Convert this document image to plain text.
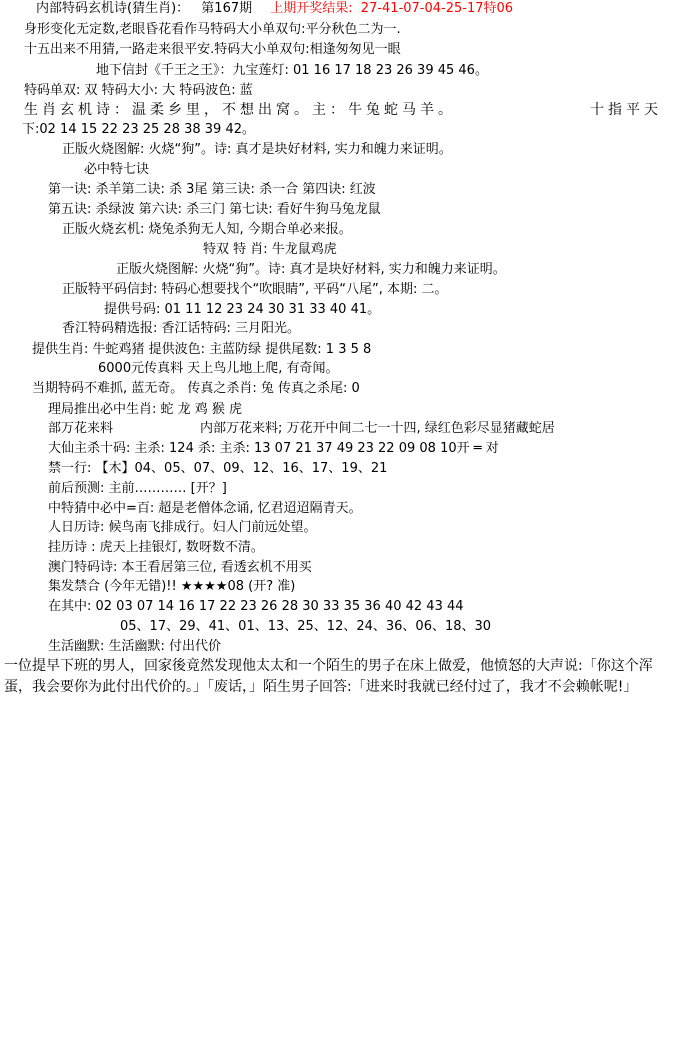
内部特码玄机诗(猜生肖)： 第167期 上期开奖结果: 27-41-07-04-25-17特06
身形变化无定数,老眼昏花看作马特码大小单双句:平分秋色二为一.
十五出来不用猜,一路走来很平安.特码大小单双句:相逢匆匆见一眼
地下信封《千王之王》：九宝莲灯: 01 16 17 18 23 26 39 45 46。
特码单双: 双 特码大小: 大 特码波色: 蓝
生肖玄机诗：温柔乡里，不想出窝。主：牛兔蛇马羊。	十指平天
下:02 14 15 22 23 25 28 38 39 42。
正版火烧图解: 火烧“狗”。诗: 真才是块好材料, 实力和魄力来证明。
必中特七诀
第一诀: 杀羊第二诀: 杀 3尾 第三诀: 杀一合 第四诀: 红波
第五诀: 杀绿波 第六诀: 杀三门 第七诀: 看好牛狗马兔龙鼠
正版火烧玄机: 烧兔杀狗无人知, 今期合单必来报。
特双 特 肖: 牛龙鼠鸡虎
正版火烧图解: 火烧“狗”。诗: 真才是块好材料, 实力和魄力来证明。
正版特平码信封: 特码心想要找个“吹眼睛”, 平码“八尾”, 本期: 二。
提供号码: 01 11 12 23 24 30 31 33 40 41。
香江特码精选报: 香江话特码: 三月阳光。
提供生肖: 牛蛇鸡猪 提供波色: 主蓝防绿 提供尾数: 1 3 5 8
6000元传真料 天上鸟儿地上爬, 有奇闻。
当期特码不难抓, 蓝无奇。 传真之杀肖: 兔 传真之杀尾: 0
理局推出必中生肖: 蛇 龙 鸡 猴 虎
部万花来料	内部万花来料; 万花开中间二七一十四, 绿红色彩尽显猪藏蛇居
大仙主杀十码: 主杀: 124 杀: 主杀: 13 07 21 37 49 23 22 09 08 10开 ═ 对
禁一行: 【木】04、05、07、09、12、16、17、19、21
前后预测: 主前………… [开？]
中特猜中必中=百: 超是老僧体念诵, 忆君迢迢隔青天。
人日历诗: 候鸟南飞排成行。妇人门前远处望。
挂历诗 : 虎天上挂银灯, 数呀数不清。
澳门特码诗: 本王看居第三位, 看透玄机不用买
集发禁合 (今年无错)!! ★★★★08 (开? 准)
在其中: 02 03 07 14 16 17 22 23 26 28 30 33 35 36 40 42 43 44
05、17、29、41、01、13、25、12、24、36、06、18、30
生活幽默: 生活幽默: 付出代价
一位提早下班的男人，回家後竟然发现他太太和一个陌生的男子在床上做爱，他愤怒的大声说:「你这个浑蛋，我会要你为此付出代价的。」「废话，」陌生男子回答:「进来时我就已经付过了，我才不会赖帐呢!」
